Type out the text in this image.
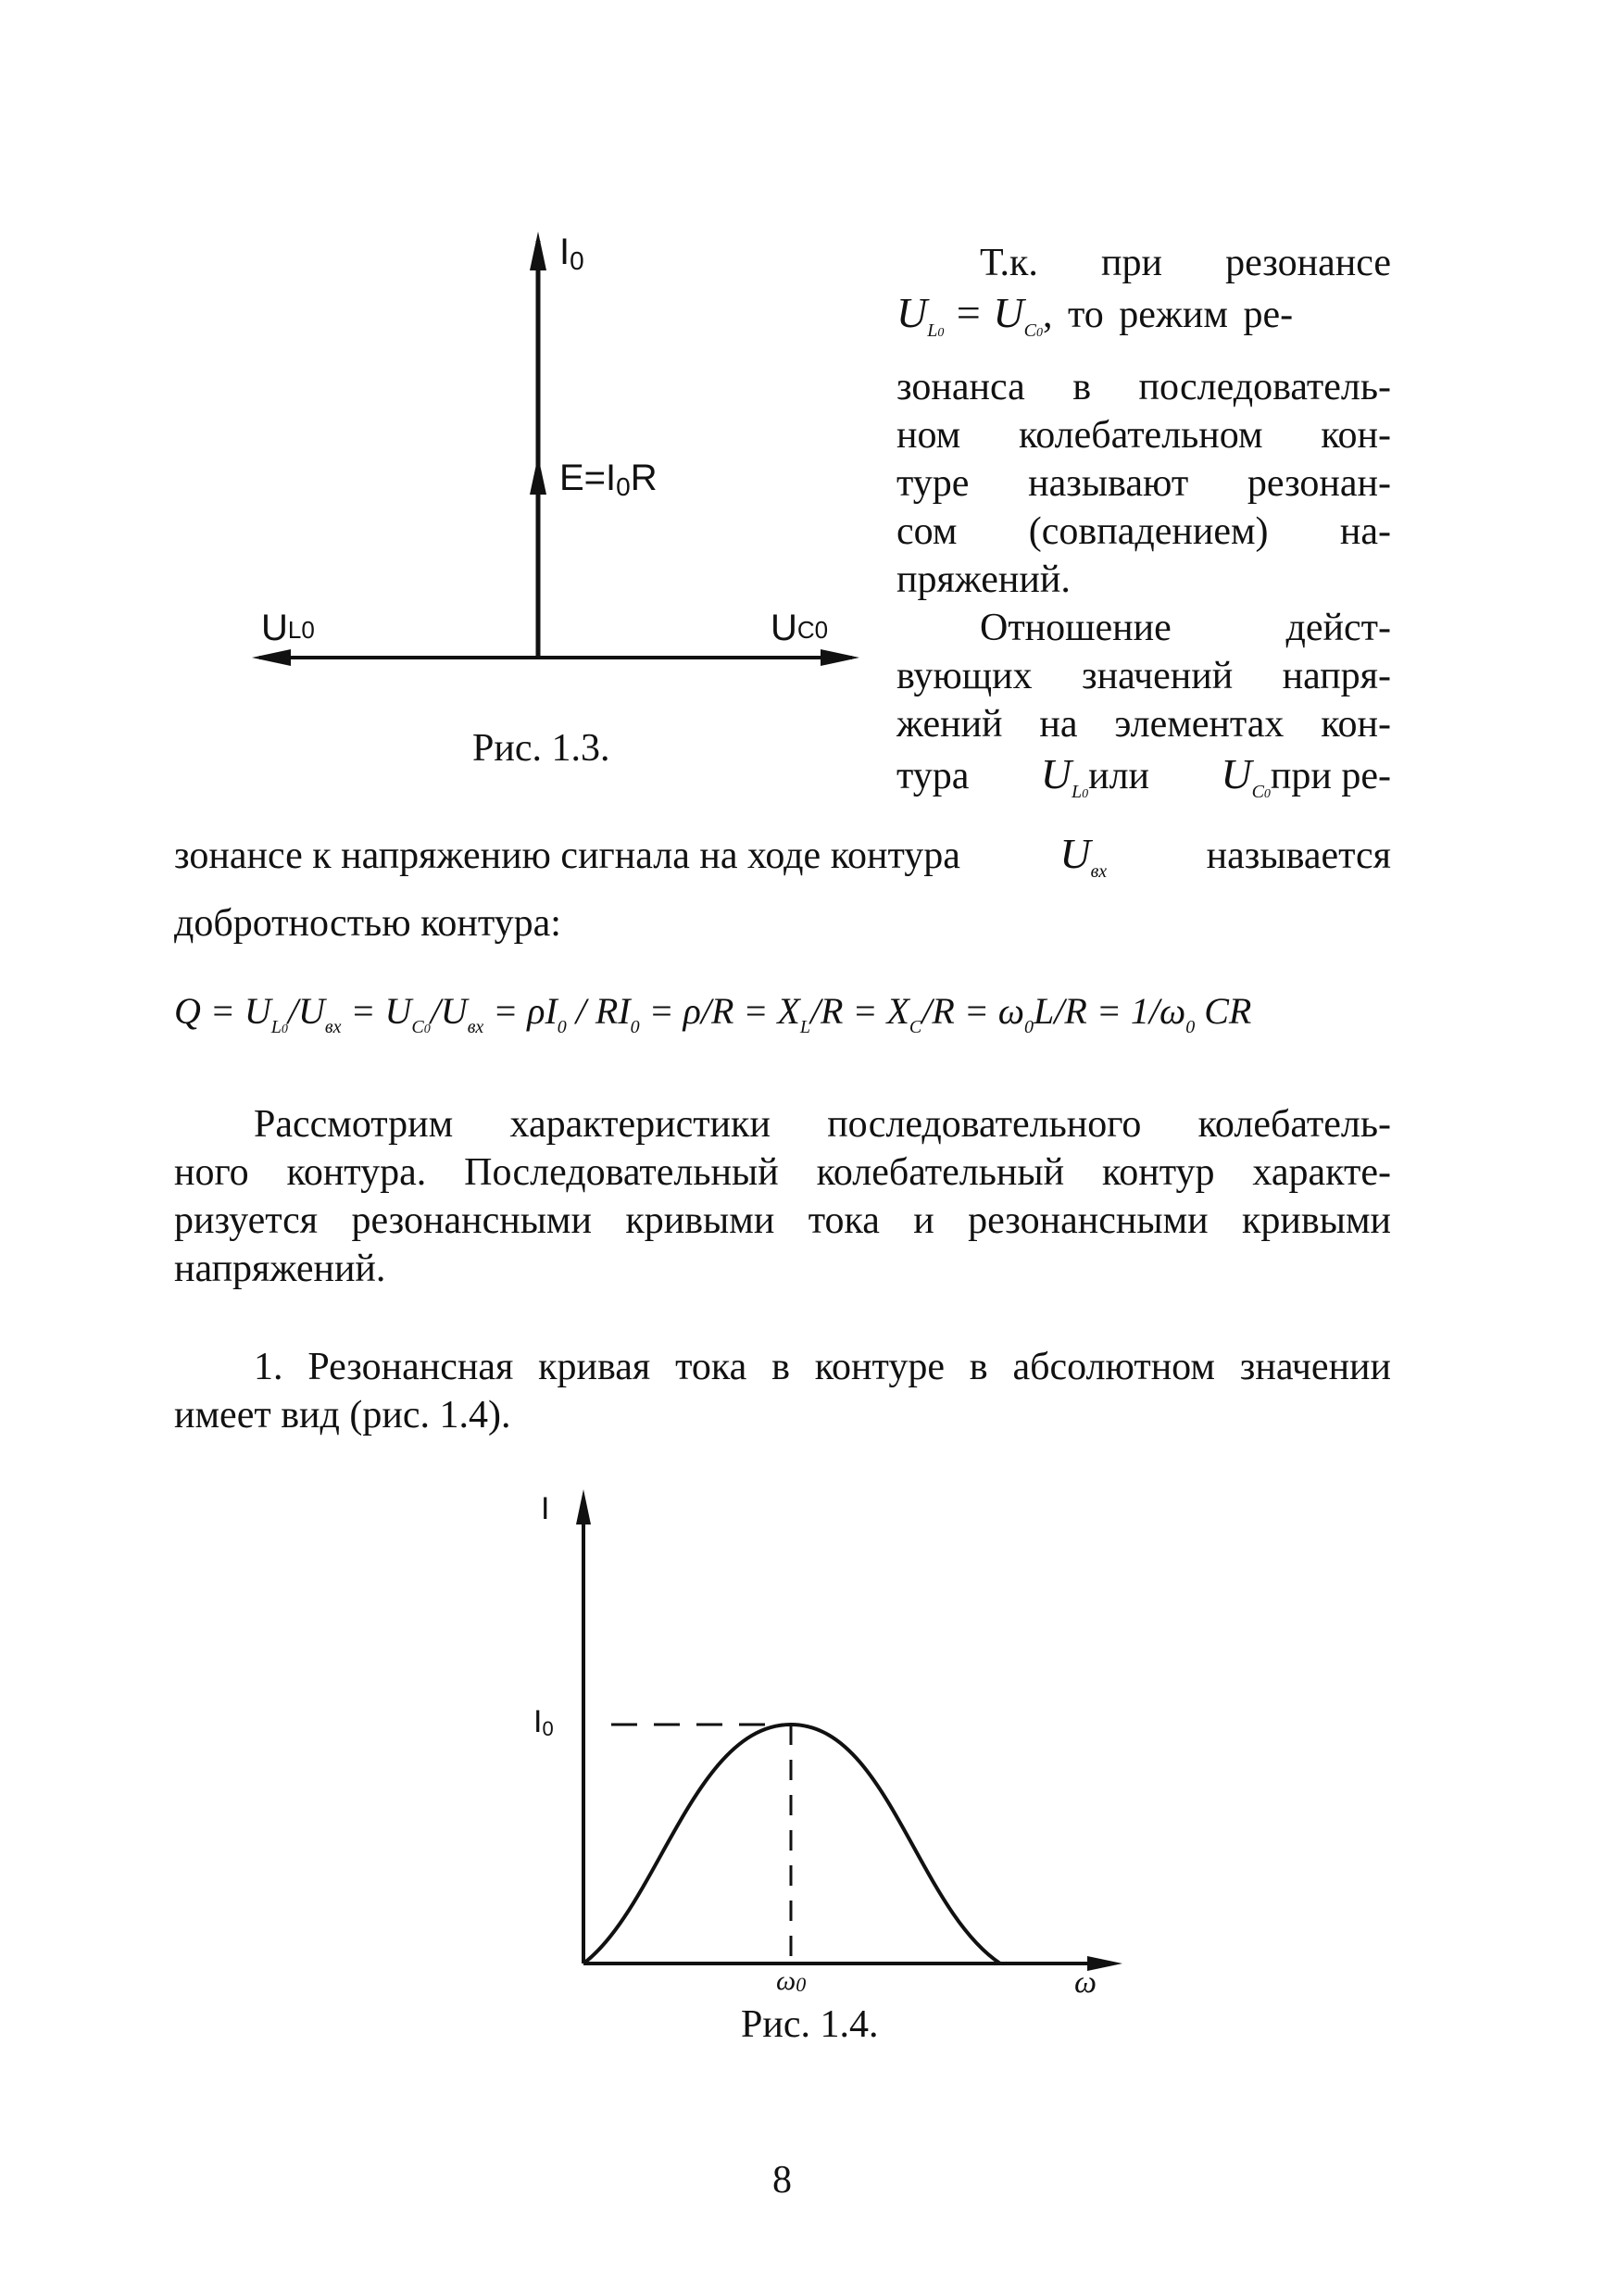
$I_0$
$E=I_0R$
$U_{L0}$	$U_{C0}$
Рис. 1.3.
Т.к. при резонансе
$U_{L0} = U_{C0}$, то режим ре-
зонанса в последователь-
ном колебательном кон-
туре называют резонан-
сом (совпадением) на-
пряжений.
Отношение дейст-
вующих значений напря-
жений на элементах кон-
тура $U_{L0}или$ $U_{C0}при$ ре-
зонансе к напряжению сигнала на ходе контура $U_{вх}$	называется
добротностью контура:
$Q = U_{L0}/U_{вх} = U_{C0}/U_{вх} = \rho I_0 / RI_0 = \rho/R = X_L/R = X_C/R = \omega_0L/R = 1/\omega_0$ CR
Рассмотрим характеристики последовательного колебатель-
ного контура. Последовательный колебательный контур характе-
ризуется резонансными кривыми тока и резонансными кривыми
напряжений.
1. Резонансная кривая тока в контуре в абсолютном значении
имеет вид (рис. 1.4).
I
$I_0$
$\omega_0$	ω
Рис. 1.4.
8
